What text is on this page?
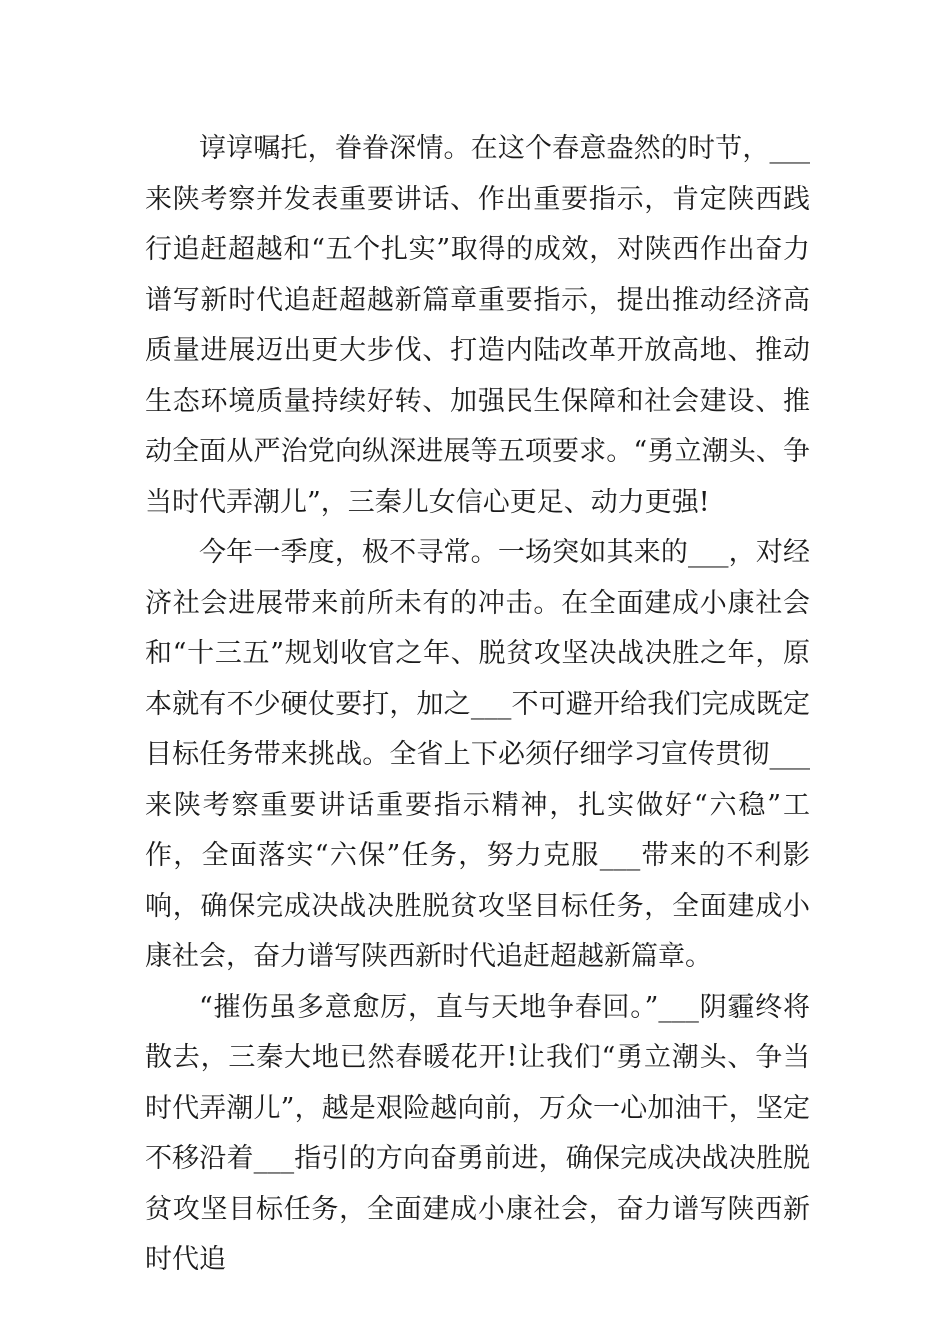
谆谆嘱托，眷眷深情。在这个春意盎然的时节，___来陕考察并发表重要讲话、作出重要指示，肯定陕西践行追赶超越和“五个扎实”取得的成效，对陕西作出奋力谱写新时代追赶超越新篇章重要指示，提出推动经济高质量进展迈出更大步伐、打造内陆改革开放高地、推动生态环境质量持续好转、加强民生保障和社会建设、推动全面从严治党向纵深进展等五项要求。“勇立潮头、争当时代弄潮儿”，三秦儿女信心更足、动力更强!

今年一季度，极不寻常。一场突如其来的___，对经济社会进展带来前所未有的冲击。在全面建成小康社会和“十三五”规划收官之年、脱贫攻坚决战决胜之年，原本就有不少硬仗要打，加之___不可避开给我们完成既定目标任务带来挑战。全省上下必须仔细学习宣传贯彻___来陕考察重要讲话重要指示精神，扎实做好“六稳”工作，全面落实“六保”任务，努力克服___带来的不利影响，确保完成决战决胜脱贫攻坚目标任务，全面建成小康社会，奋力谱写陕西新时代追赶超越新篇章。

“摧伤虽多意愈厉，直与天地争春回。”___阴霾终将散去，三秦大地已然春暖花开!让我们“勇立潮头、争当时代弄潮儿”，越是艰险越向前，万众一心加油干，坚定不移沿着___指引的方向奋勇前进，确保完成决战决胜脱贫攻坚目标任务，全面建成小康社会，奋力谱写陕西新时代追
